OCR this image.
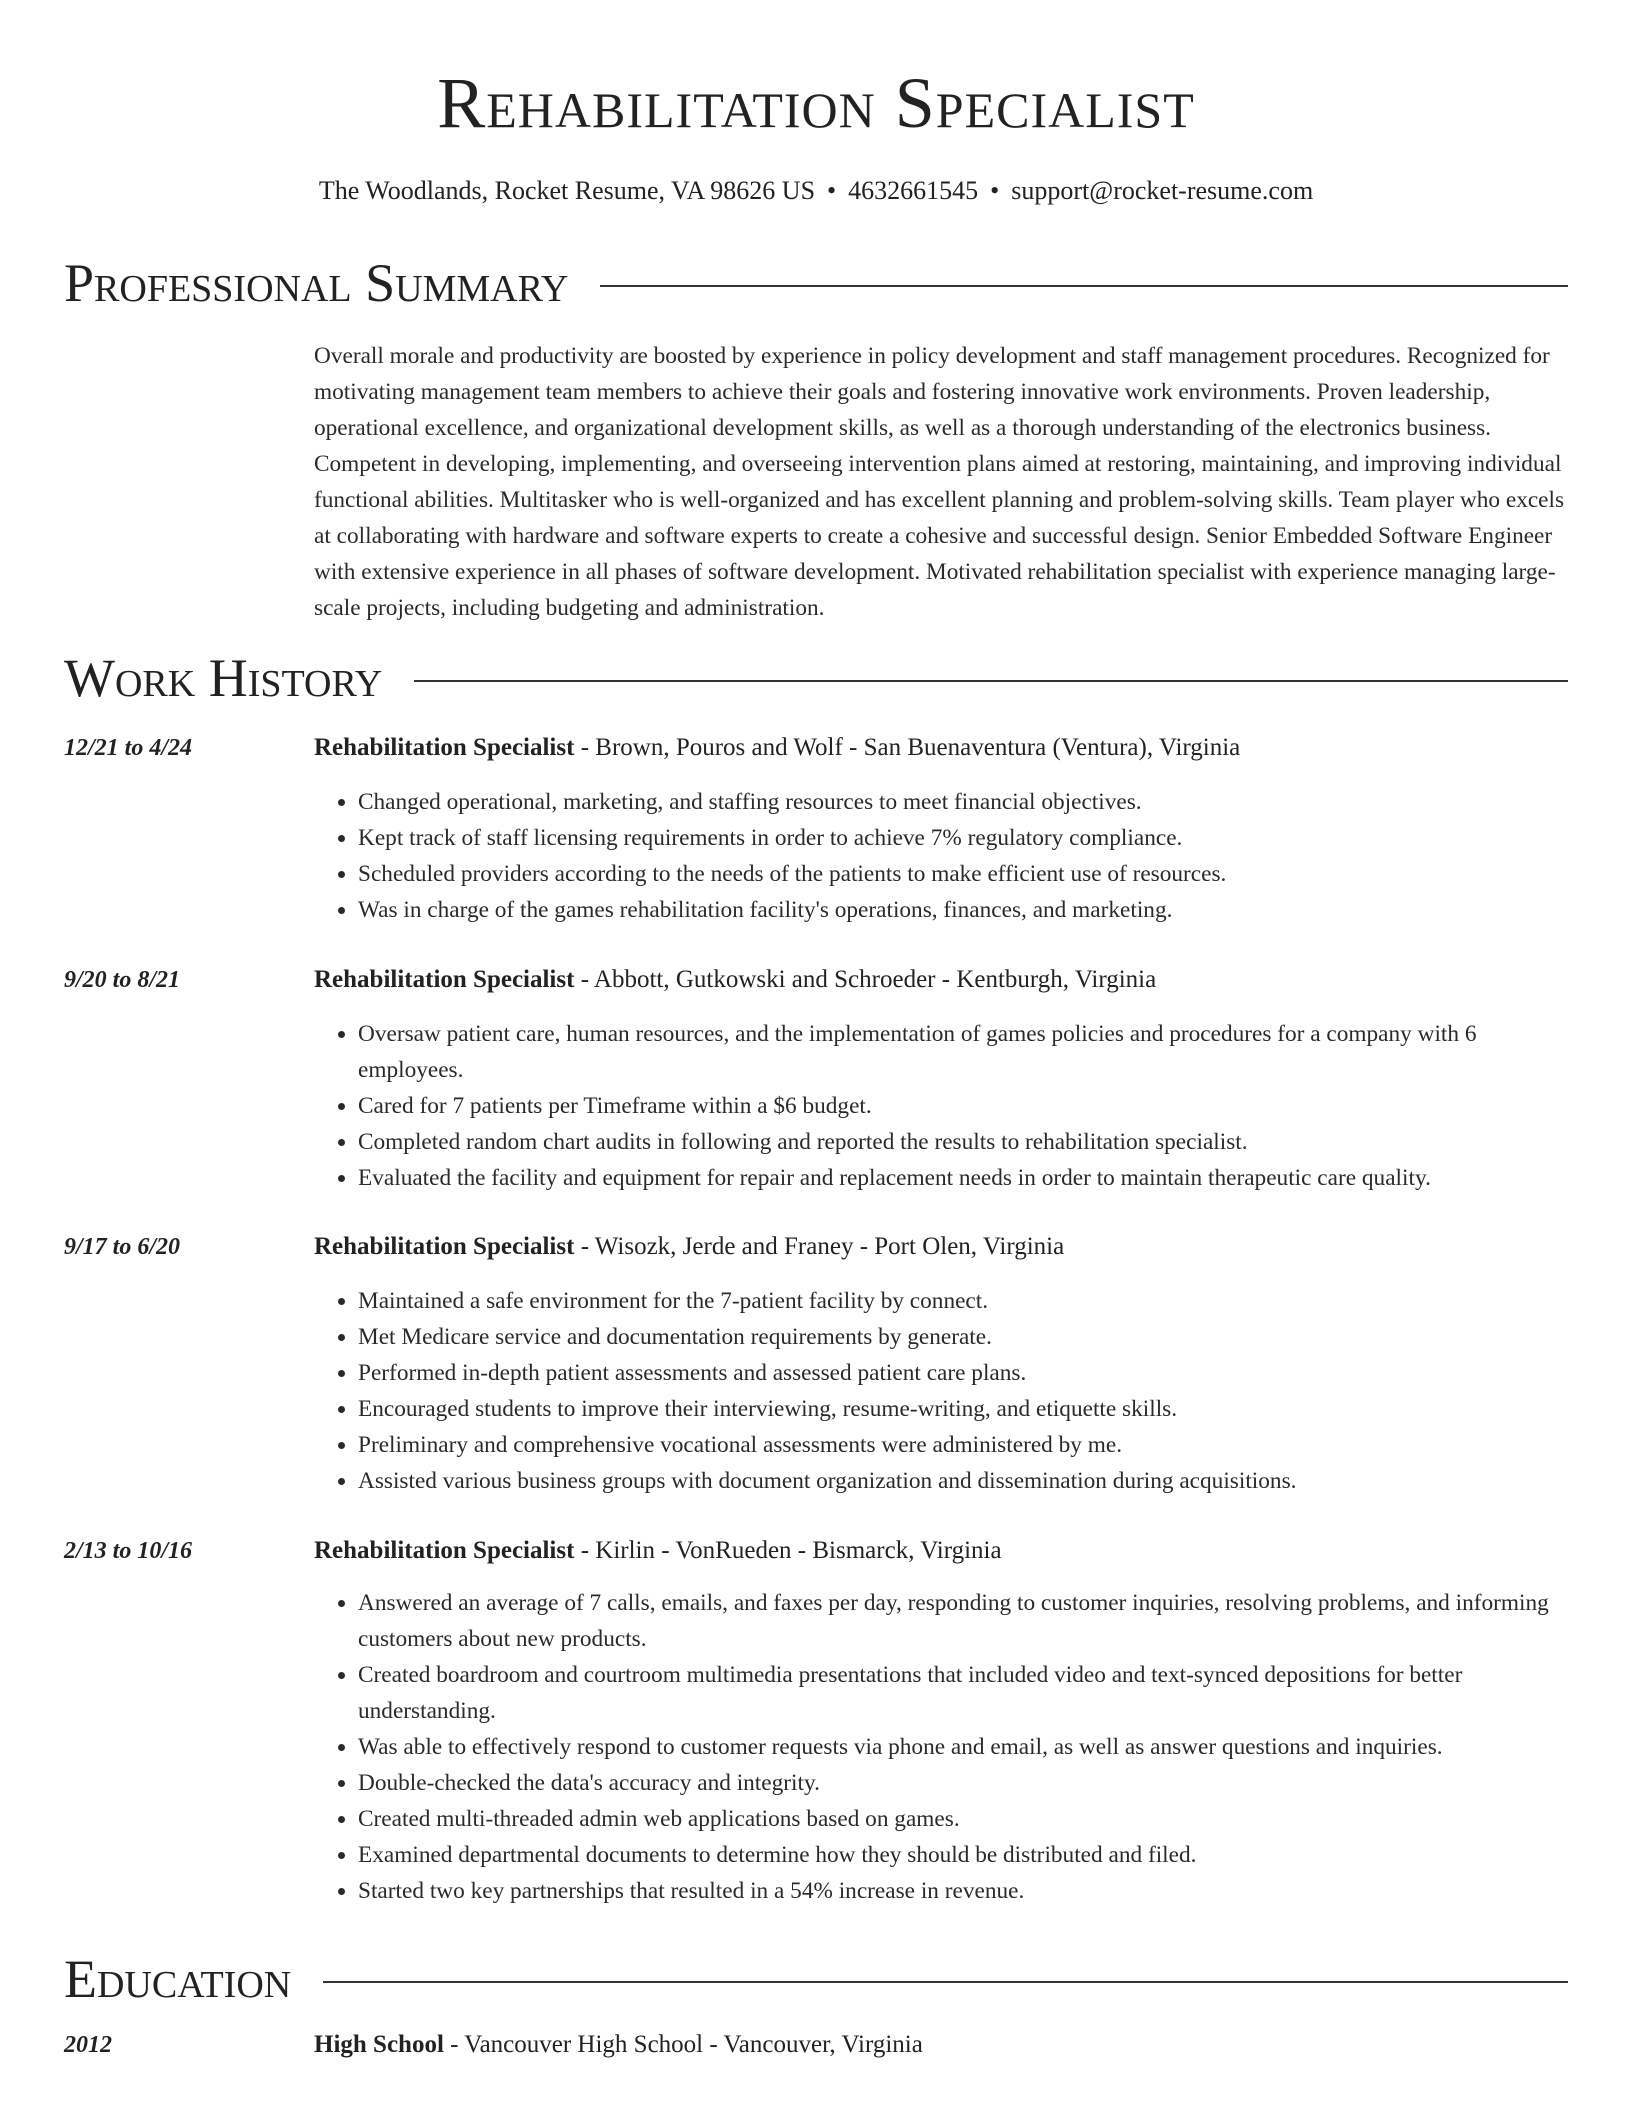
Rehabilitation Specialist
The Woodlands, Rocket Resume, VA 98626 US • 4632661545 • support@rocket-resume.com
Professional Summary
Overall morale and productivity are boosted by experience in policy development and staff management procedures. Recognized for motivating management team members to achieve their goals and fostering innovative work environments. Proven leadership, operational excellence, and organizational development skills, as well as a thorough understanding of the electronics business. Competent in developing, implementing, and overseeing intervention plans aimed at restoring, maintaining, and improving individual functional abilities. Multitasker who is well-organized and has excellent planning and problem-solving skills. Team player who excels at collaborating with hardware and software experts to create a cohesive and successful design. Senior Embedded Software Engineer with extensive experience in all phases of software development. Motivated rehabilitation specialist with experience managing large-scale projects, including budgeting and administration.
Work History
12/21 to 4/24	Rehabilitation Specialist - Brown, Pouros and Wolf - San Buenaventura (Ventura), Virginia
• Changed operational, marketing, and staffing resources to meet financial objectives.
• Kept track of staff licensing requirements in order to achieve 7% regulatory compliance.
• Scheduled providers according to the needs of the patients to make efficient use of resources.
• Was in charge of the games rehabilitation facility's operations, finances, and marketing.
9/20 to 8/21	Rehabilitation Specialist - Abbott, Gutkowski and Schroeder - Kentburgh, Virginia
• Oversaw patient care, human resources, and the implementation of games policies and procedures for a company with 6 employees.
• Cared for 7 patients per Timeframe within a $6 budget.
• Completed random chart audits in following and reported the results to rehabilitation specialist.
• Evaluated the facility and equipment for repair and replacement needs in order to maintain therapeutic care quality.
9/17 to 6/20	Rehabilitation Specialist - Wisozk, Jerde and Franey - Port Olen, Virginia
• Maintained a safe environment for the 7-patient facility by connect.
• Met Medicare service and documentation requirements by generate.
• Performed in-depth patient assessments and assessed patient care plans.
• Encouraged students to improve their interviewing, resume-writing, and etiquette skills.
• Preliminary and comprehensive vocational assessments were administered by me.
• Assisted various business groups with document organization and dissemination during acquisitions.
2/13 to 10/16	Rehabilitation Specialist - Kirlin - VonRueden - Bismarck, Virginia
• Answered an average of 7 calls, emails, and faxes per day, responding to customer inquiries, resolving problems, and informing customers about new products.
• Created boardroom and courtroom multimedia presentations that included video and text-synced depositions for better understanding.
• Was able to effectively respond to customer requests via phone and email, as well as answer questions and inquiries.
• Double-checked the data's accuracy and integrity.
• Created multi-threaded admin web applications based on games.
• Examined departmental documents to determine how they should be distributed and filed.
• Started two key partnerships that resulted in a 54% increase in revenue.
Education
2012	High School - Vancouver High School - Vancouver, Virginia
